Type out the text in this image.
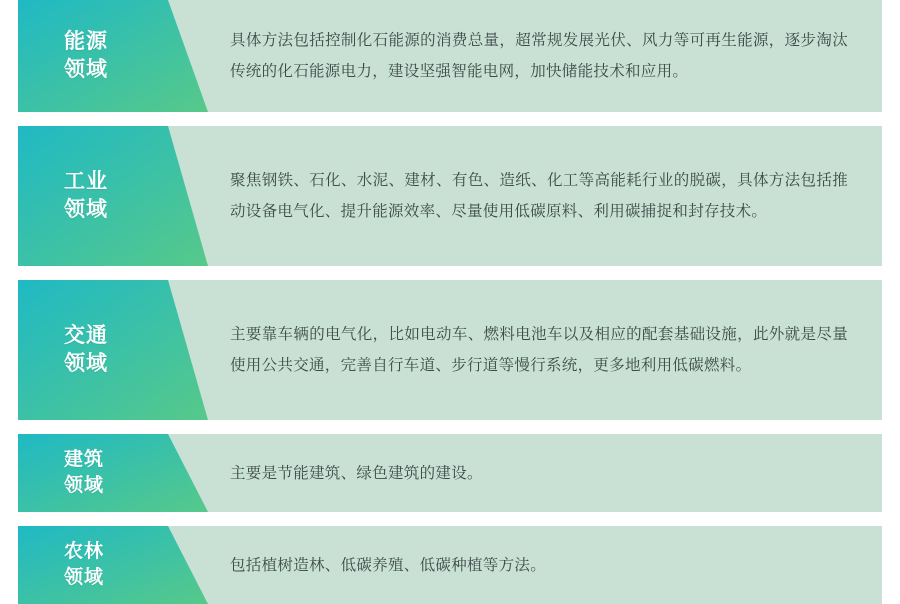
能源
领域
具体方法包括控制化石能源的消费总量，超常规发展光伏、风力等可再生能源，逐步淘汰传统的化石能源电力，建设坚强智能电网，加快储能技术和应用。
工业
领域
聚焦钢铁、石化、水泥、建材、有色、造纸、化工等高能耗行业的脱碳，具体方法包括推动设备电气化、提升能源效率、尽量使用低碳原料、利用碳捕捉和封存技术。
交通
领域
主要靠车辆的电气化，比如电动车、燃料电池车以及相应的配套基础设施，此外就是尽量使用公共交通，完善自行车道、步行道等慢行系统，更多地利用低碳燃料。
建筑
领域
主要是节能建筑、绿色建筑的建设。
农林
领域
包括植树造林、低碳养殖、低碳种植等方法。
